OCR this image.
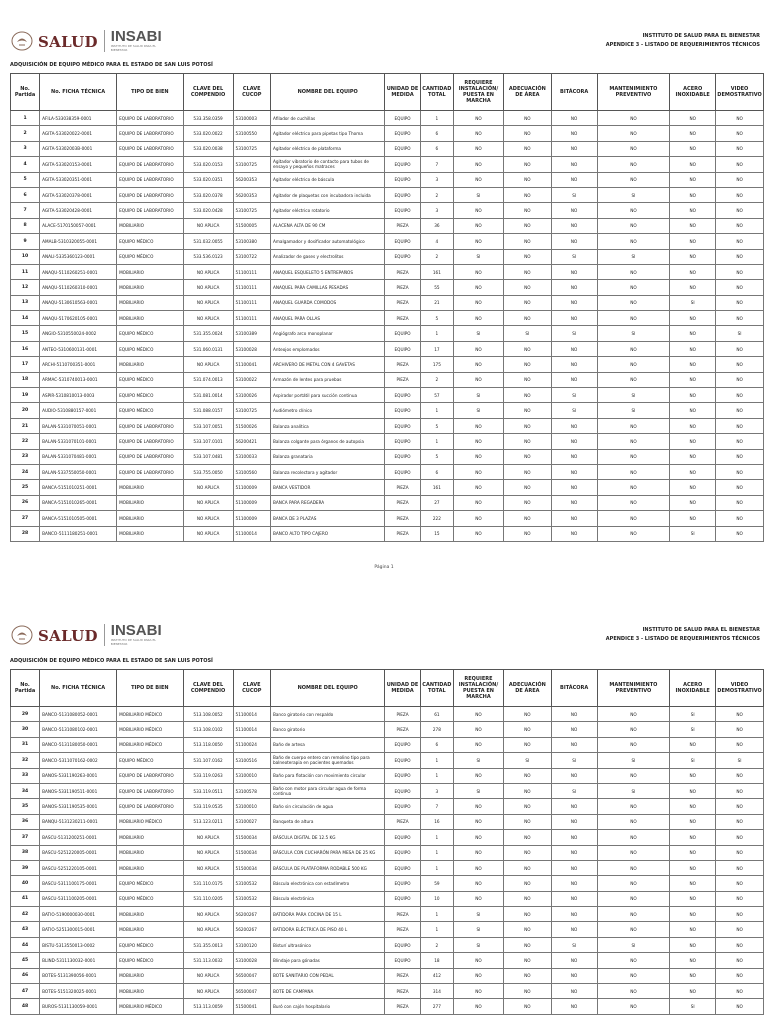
SALUD INSABI
INSTITUTO DE SALUD PARA EL BIENESTAR
INSTITUTO DE SALUD PARA EL BIENESTAR
APENDICE 3 - LISTADO DE REQUERIMIENTOS TÉCNICOS
ADQUISICIÓN DE EQUIPO MÉDICO PARA EL ESTADO DE SAN LUIS POTOSÍ
No. Partida	No. FICHA TÉCNICA	TIPO DE BIEN	CLAVE DEL COMPENDIO	CLAVE CUCOP	NOMBRE DEL EQUIPO	UNIDAD DE MEDIDA	CANTIDAD TOTAL	REQUIERE INSTALACIÓN/ PUESTA EN MARCHA	ADECUACIÓN DE ÁREA	BITÁCORA	MANTENIMIENTO PREVENTIVO	ACERO INOXIDABLE	VIDEO DEMOSTRATIVO
1	AFILA-533038359-0001	EQUIPO DE LABORATORIO	533.358.0359	53100003	Afilador de cuchillas	EQUIPO	1	NO	NO	NO	NO	NO	NO
2	AGITA-533020022-0001	EQUIPO DE LABORATORIO	533.020.0022	53100550	Agitador eléctrico para pipetas tipo Thoma	EQUIPO	6	NO	NO	NO	NO	NO	NO
3	AGITA-53302003B-0001	EQUIPO DE LABORATORIO	533.020.0038	53100725	Agitador eléctrico de plataforma	EQUIPO	6	NO	NO	NO	NO	NO	NO
4	AGITA-533020153-0001	EQUIPO DE LABORATORIO	533.020.0153	53100725	Agitador vibratorio de contacto para tubos de ensayo y pequeños matraces	EQUIPO	7	NO	NO	NO	NO	NO	NO
5	AGITA-533020351-0001	EQUIPO DE LABORATORIO	533.020.0351	56200353	Agitador eléctrico de báscula	EQUIPO	3	NO	NO	NO	NO	NO	NO
6	AGITA-533020378-0001	EQUIPO DE LABORATORIO	533.020.0378	56200353	Agitador de plaquetas con incubadora incluida	EQUIPO	2	SI	NO	SI	SI	NO	NO
7	AGITA-533020428-0001	EQUIPO DE LABORATORIO	533.020.0428	53100725	Agitador eléctrico rotatorio	EQUIPO	3	NO	NO	NO	NO	NO	NO
8	ALACE-5170150057-0001	MOBILIARIO	NO APLICA	51500005	ALACENA ALTA DE 90 CM	PIEZA	36	NO	NO	NO	NO	NO	NO
9	AMALB-5310320055-0001	EQUIPO MÉDICO	531.032.0055	53100380	Amalgamador y dosificador automatológico	EQUIPO	4	NO	NO	NO	NO	NO	NO
10	ANALI-5335360123-0001	EQUIPO MÉDICO	533.536.0123	53100722	Analizador de gases y electrolitos	EQUIPO	2	SI	NO	SI	SI	NO	NO
11	ANAQU-5110260251-0001	MOBILIARIO	NO APLICA	51100111	ANAQUEL ESQUELETO 5 ENTREPAÑOS	PIEZA	161	NO	NO	NO	NO	NO	NO
12	ANAQU-5110260310-0001	MOBILIARIO	NO APLICA	51100111	ANAQUEL PARA CAMILLAS PESADAS	PIEZA	55	NO	NO	NO	NO	NO	NO
13	ANAQU-5130610563-0001	MOBILIARIO	NO APLICA	51100111	ANAQUEL GUARDA COMODOS	PIEZA	21	NO	NO	NO	NO	SI	NO
14	ANAQU-5170620105-0001	MOBILIARIO	NO APLICA	51100111	ANAQUEL PARA OLLAS	PIEZA	5	NO	NO	NO	NO	NO	NO
15	ANGIO-5310550024-0002	EQUIPO MÉDICO	531.355.0024	53100389	Angiógrafo arco monoplanar	EQUIPO	1	SI	SI	SI	SI	NO	SI
16	ANTEO-5310600131-0001	EQUIPO MÉDICO	531.060.0131	53100028	Anteojos emplomados	EQUIPO	17	NO	NO	NO	NO	NO	NO
17	ARCHI-5110700351-0001	MOBILIARIO	NO APLICA	51100041	ARCHIVERO DE METAL CON 4 GAVETAS	PIEZA	175	NO	NO	NO	NO	NO	NO
18	ARMAC-5310740013-0001	EQUIPO MÉDICO	531.074.0013	53100022	Armazón de lentes para pruebas	PIEZA	2	NO	NO	NO	NO	NO	NO
19	ASPIR-5310810013-0003	EQUIPO MÉDICO	531.081.0014	53100026	Aspirador portátil para succión continua	EQUIPO	57	SI	NO	SI	SI	NO	NO
20	AUDIO-5310880157-0001	EQUIPO MÉDICO	531.088.0157	53100725	Audiómetro clínico	EQUIPO	1	SI	NO	SI	SI	NO	NO
21	BALAN-5331070051-0001	EQUIPO DE LABORATORIO	533.107.0051	51500026	Balanza analítica	EQUIPO	5	NO	NO	NO	NO	NO	NO
22	BALAN-5331070101-0001	EQUIPO DE LABORATORIO	533.107.0101	56200421	Balanza colgante para órganos de autopsia	EQUIPO	1	NO	NO	NO	NO	NO	NO
23	BALAN-5331070481-0001	EQUIPO DE LABORATORIO	533.107.0481	53100033	Balanza granataria	EQUIPO	5	NO	NO	NO	NO	NO	NO
24	BALAN-5337550050-0001	EQUIPO DE LABORATORIO	533.755.0050	53100560	Balanza recolectora y agitador	EQUIPO	6	NO	NO	NO	NO	NO	NO
25	BANCA-5151010251-0001	MOBILIARIO	NO APLICA	51100009	BANCA VESTIDOR	PIEZA	161	NO	NO	NO	NO	NO	NO
26	BANCA-5151010265-0001	MOBILIARIO	NO APLICA	51100009	BANCA PARA REGADERA	PIEZA	27	NO	NO	NO	NO	NO	NO
27	BANCA-5151010505-0001	MOBILIARIO	NO APLICA	51100009	BANCA DE 3 PLAZAS	PIEZA	222	NO	NO	NO	NO	NO	NO
28	BANCO-5111180251-0001	MOBILIARIO	NO APLICA	51100014	BANCO ALTO TIPO CAJERO	PIEZA	15	NO	NO	NO	NO	SI	NO
Página 1
SALUD INSABI
INSTITUTO DE SALUD PARA EL BIENESTAR
INSTITUTO DE SALUD PARA EL BIENESTAR
APENDICE 3 - LISTADO DE REQUERIMIENTOS TÉCNICOS
ADQUISICIÓN DE EQUIPO MÉDICO PARA EL ESTADO DE SAN LUIS POTOSÍ
No. Partida	No. FICHA TÉCNICA	TIPO DE BIEN	CLAVE DEL COMPENDIO	CLAVE CUCOP	NOMBRE DEL EQUIPO	UNIDAD DE MEDIDA	CANTIDAD TOTAL	REQUIERE INSTALACIÓN/ PUESTA EN MARCHA	ADECUACIÓN DE ÁREA	BITÁCORA	MANTENIMIENTO PREVENTIVO	ACERO INOXIDABLE	VIDEO DEMOSTRATIVO
29	BANCO-5131080052-0001	MOBILIARIO MÉDICO	513.108.0052	51100014	Banco giratorio con respaldo	PIEZA	61	NO	NO	NO	NO	SI	NO
30	BANCO-5131080102-0001	MOBILIARIO MÉDICO	513.108.0102	51100014	Banco giratorio	PIEZA	278	NO	NO	NO	NO	SI	NO
31	BANCO-5131180050-0001	MOBILIARIO MÉDICO	513.118.0050	51100024	Baño de artesa	EQUIPO	6	NO	NO	NO	NO	NO	NO
32	BANCO-5311070162-0002	EQUIPO MÉDICO	531.107.0162	53100516	Baño de cuerpo entero con remolino tipo para balneoterapia en pacientes quemados	EQUIPO	1	SI	SI	SI	SI	SI	SI
33	BANOS-5331190263-0001	EQUIPO DE LABORATORIO	533.119.0263	53100010	Baño para flotación con movimiento circular	EQUIPO	1	NO	NO	NO	NO	NO	NO
34	BANOS-5331190511-0001	EQUIPO DE LABORATORIO	533.119.0511	53100578	Baño con motor para circular agua de forma continua	EQUIPO	3	SI	NO	SI	SI	NO	NO
35	BANOS-5331190535-0001	EQUIPO DE LABORATORIO	533.119.0535	53100010	Baño sin circulación de agua	EQUIPO	7	NO	NO	NO	NO	NO	NO
36	BANQU-5131230211-0001	MOBILIARIO MÉDICO	513.123.0211	53100027	Banqueta de altura	PIEZA	16	NO	NO	NO	NO	NO	NO
37	BASCU-5131200251-0001	MOBILIARIO	NO APLICA	51500034	BÁSCULA DIGITAL DE 12.5 KG	EQUIPO	1	NO	NO	NO	NO	NO	NO
38	BASCU-5251220005-0001	MOBILIARIO	NO APLICA	51500034	BÁSCULA CON CUCHARÓN PARA MESA DE 25 KG	EQUIPO	1	NO	NO	NO	NO	NO	NO
39	BASCU-5251220105-0001	MOBILIARIO	NO APLICA	51500034	BÁSCULA DE PLATAFORMA RODABLE 500 KG	EQUIPO	1	NO	NO	NO	NO	NO	NO
40	BASCU-5311100175-0001	EQUIPO MÉDICO	531.110.0175	53100532	Báscula electrónica con estadímetro	EQUIPO	59	NO	NO	NO	NO	NO	NO
41	BASCU-5311100205-0001	EQUIPO MÉDICO	531.110.0205	53100532	Báscula electrónica	EQUIPO	10	NO	NO	NO	NO	NO	NO
42	BATIO-5190000030-0001	MOBILIARIO	NO APLICA	56200267	BATIDORA PARA COCINA DE 15 L	PIEZA	1	SI	NO	NO	NO	NO	NO
43	BATIO-5251300015-0001	MOBILIARIO	NO APLICA	56200267	BATIDORA ELÉCTRICA DE PISO 40 L	PIEZA	1	SI	NO	NO	NO	NO	NO
44	BISTU-5313550013-0002	EQUIPO MÉDICO	531.355.0013	53100120	Bisturí ultrasónico	EQUIPO	2	SI	NO	SI	SI	NO	NO
45	BLIND-5311130032-0001	EQUIPO MÉDICO	531.113.0032	53100028	Blindaje para gónadas	EQUIPO	18	NO	NO	NO	NO	NO	NO
46	BOTES-5131390056-0001	MOBILIARIO	NO APLICA	56500047	BOTE SANITARIO CON PEDAL	PIEZA	412	NO	NO	NO	NO	NO	NO
47	BOTES-5151320025-0001	MOBILIARIO	NO APLICA	56500047	BOTE DE CAMPANA	PIEZA	314	NO	NO	NO	NO	NO	NO
48	BUROS-5131130059-0001	MOBILIARIO MÉDICO	513.113.0059	51500041	Buró con cajón hospitalario	PIEZA	277	NO	NO	NO	NO	SI	NO
